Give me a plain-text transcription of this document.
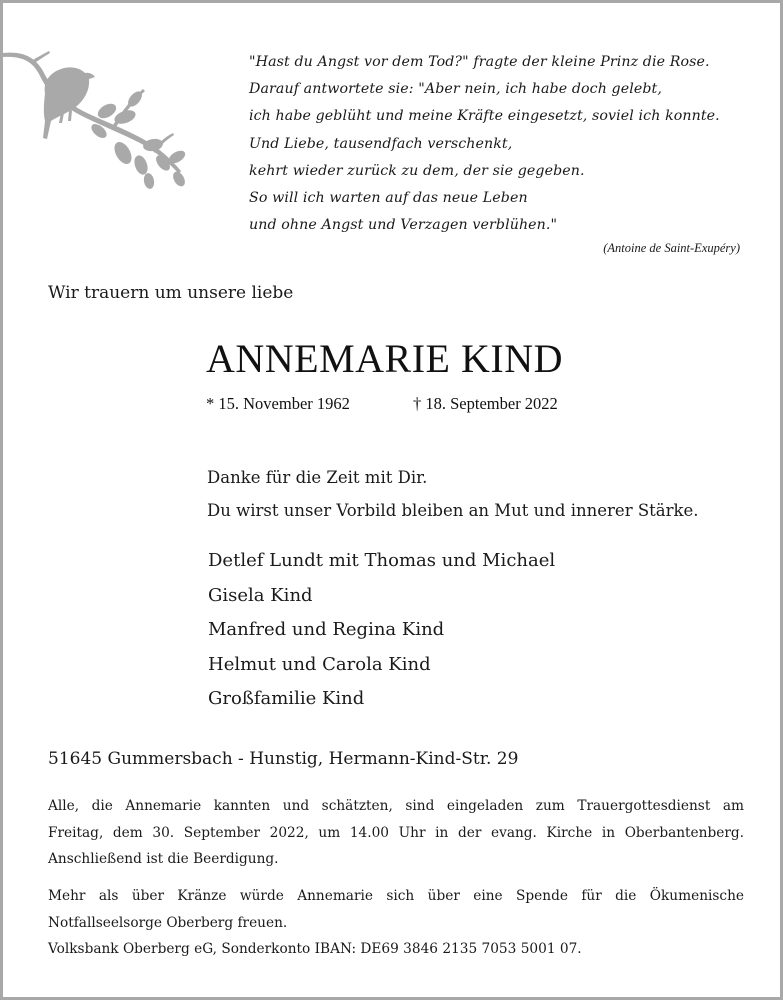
"Hast du Angst vor dem Tod?" fragte der kleine Prinz die Rose.
Darauf antwortete sie: "Aber nein, ich habe doch gelebt,
ich habe geblüht und meine Kräfte eingesetzt, soviel ich konnte.
Und Liebe, tausendfach verschenkt,
kehrt wieder zurück zu dem, der sie gegeben.
So will ich warten auf das neue Leben
und ohne Angst und Verzagen verblühen."
(Antoine de Saint-Exupéry)
Wir trauern um unsere liebe
ANNEMARIE KIND
* 15. November 1962	† 18. September 2022
Danke für die Zeit mit Dir.
Du wirst unser Vorbild bleiben an Mut und innerer Stärke.
Detlef Lundt mit Thomas und Michael
Gisela Kind
Manfred und Regina Kind
Helmut und Carola Kind
Großfamilie Kind
51645 Gummersbach - Hunstig, Hermann-Kind-Str. 29
Alle, die Annemarie kannten und schätzten, sind eingeladen zum Trauergottesdienst am
Freitag, dem 30. September 2022, um 14.00 Uhr in der evang. Kirche in Oberbantenberg.
Anschließend ist die Beerdigung.
Mehr als über Kränze würde Annemarie sich über eine Spende für die Ökumenische
Notfallseelsorge Oberberg freuen.
Volksbank Oberberg eG, Sonderkonto IBAN: DE69 3846 2135 7053 5001 07.
